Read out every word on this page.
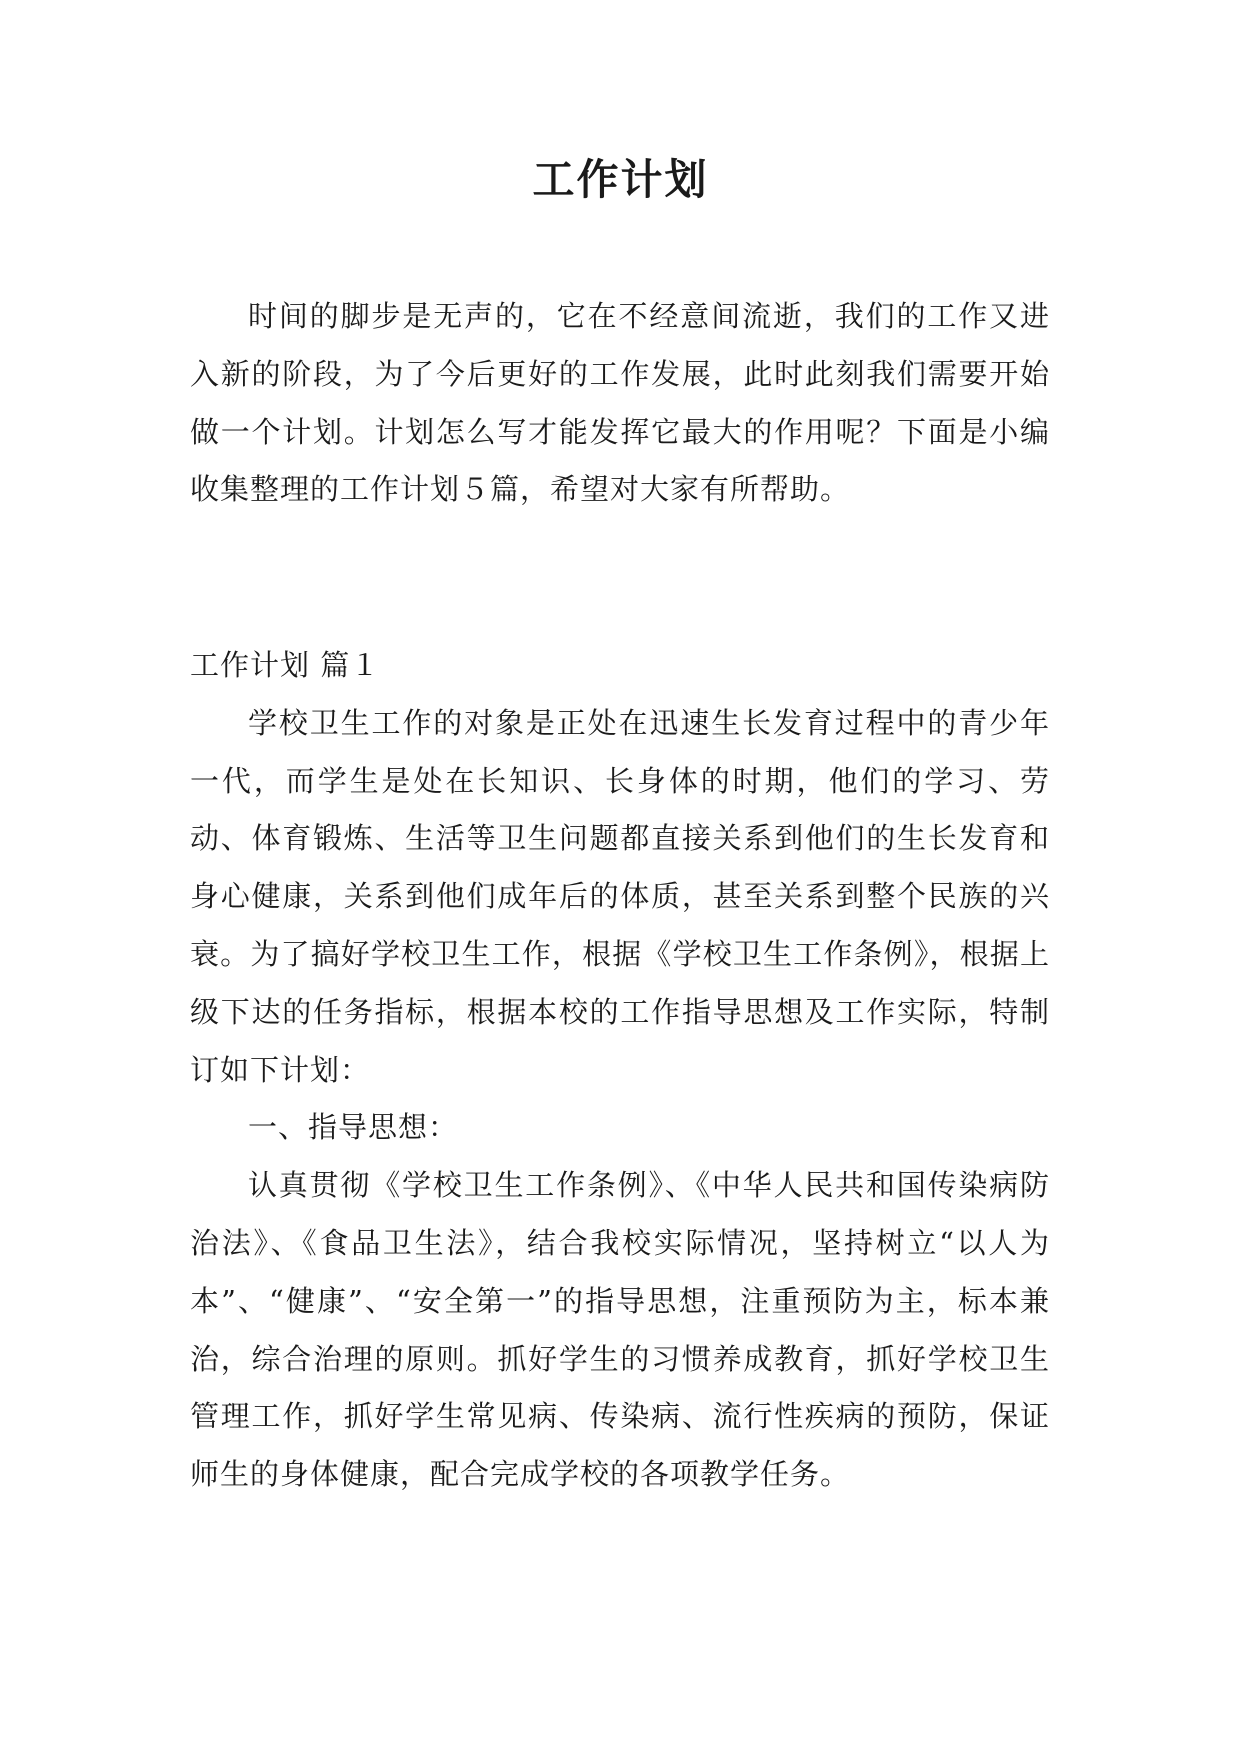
工作计划

时间的脚步是无声的，它在不经意间流逝，我们的工作又进入新的阶段，为了今后更好的工作发展，此时此刻我们需要开始做一个计划。计划怎么写才能发挥它最大的作用呢？下面是小编收集整理的工作计划５篇，希望对大家有所帮助。

工作计划 篇１

学校卫生工作的对象是正处在迅速生长发育过程中的青少年一代，而学生是处在长知识、长身体的时期，他们的学习、劳动、体育锻炼、生活等卫生问题都直接关系到他们的生长发育和身心健康，关系到他们成年后的体质，甚至关系到整个民族的兴衰。为了搞好学校卫生工作，根据《学校卫生工作条例》，根据上级下达的任务指标，根据本校的工作指导思想及工作实际，特制订如下计划：

一、指导思想：

认真贯彻《学校卫生工作条例》、《中华人民共和国传染病防治法》、《食品卫生法》，结合我校实际情况，坚持树立“以人为本”、“健康”、“安全第一”的指导思想，注重预防为主，标本兼治，综合治理的原则。抓好学生的习惯养成教育，抓好学校卫生管理工作，抓好学生常见病、传染病、流行性疾病的预防，保证师生的身体健康，配合完成学校的各项教学任务。
